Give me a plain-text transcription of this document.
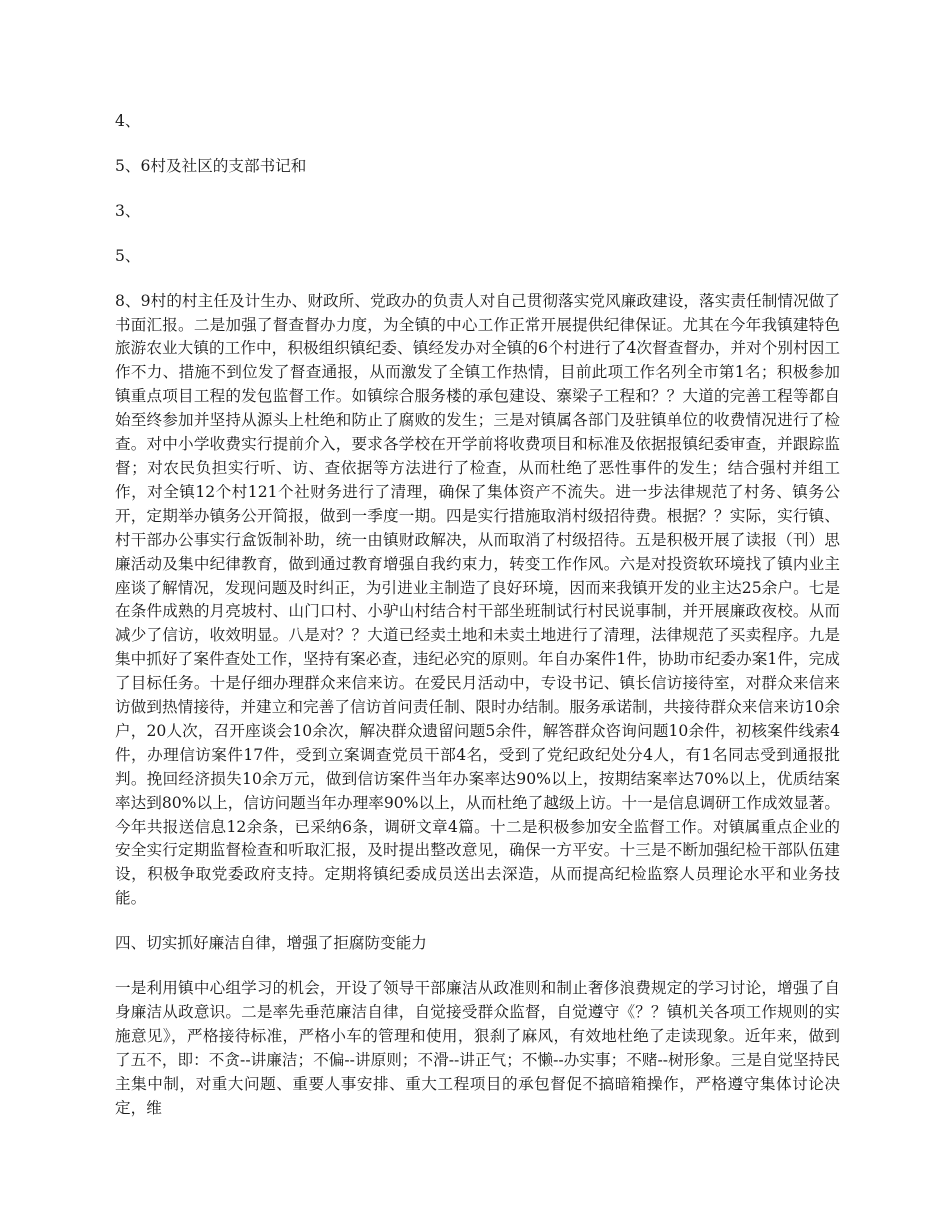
4、

5、6村及社区的支部书记和

3、

5、

8、9村的村主任及计生办、财政所、党政办的负责人对自己贯彻落实党风廉政建设，落实责任制情况做了书面汇报。二是加强了督查督办力度，为全镇的中心工作正常开展提供纪律保证。尤其在今年我镇建特色旅游农业大镇的工作中，积极组织镇纪委、镇经发办对全镇的6个村进行了4次督查督办，并对个别村因工作不力、措施不到位发了督查通报，从而激发了全镇工作热情，目前此项工作名列全市第1名；积极参加镇重点项目工程的发包监督工作。如镇综合服务楼的承包建设、寨梁子工程和？？大道的完善工程等都自始至终参加并坚持从源头上杜绝和防止了腐败的发生；三是对镇属各部门及驻镇单位的收费情况进行了检查。对中小学收费实行提前介入，要求各学校在开学前将收费项目和标准及依据报镇纪委审查，并跟踪监督；对农民负担实行听、访、查依据等方法进行了检查，从而杜绝了恶性事件的发生；结合强村并组工作，对全镇12个村121个社财务进行了清理，确保了集体资产不流失。进一步法律规范了村务、镇务公开，定期举办镇务公开简报，做到一季度一期。四是实行措施取消村级招待费。根据？？实际，实行镇、村干部办公事实行盒饭制补助，统一由镇财政解决，从而取消了村级招待。五是积极开展了读报（刊）思廉活动及集中纪律教育，做到通过教育增强自我约束力，转变工作作风。六是对投资软环境找了镇内业主座谈了解情况，发现问题及时纠正，为引进业主制造了良好环境，因而来我镇开发的业主达25余户。七是在条件成熟的月亮坡村、山门口村、小驴山村结合村干部坐班制试行村民说事制，并开展廉政夜校。从而减少了信访，收效明显。八是对？？大道已经卖土地和未卖土地进行了清理，法律规范了买卖程序。九是集中抓好了案件查处工作，坚持有案必查，违纪必究的原则。年自办案件1件，协助市纪委办案1件，完成了目标任务。十是仔细办理群众来信来访。在爱民月活动中，专设书记、镇长信访接待室，对群众来信来访做到热情接待，并建立和完善了信访首问责任制、限时办结制。服务承诺制，共接待群众来信来访10余户，20人次，召开座谈会10余次，解决群众遗留问题5余件，解答群众咨询问题10余件，初核案件线索4件，办理信访案件17件，受到立案调查党员干部4名，受到了党纪政纪处分4人，有1名同志受到通报批判。挽回经济损失10余万元，做到信访案件当年办案率达90%以上，按期结案率达70%以上，优质结案率达到80%以上，信访问题当年办理率90%以上，从而杜绝了越级上访。十一是信息调研工作成效显著。今年共报送信息12余条，已采纳6条，调研文章4篇。十二是积极参加安全监督工作。对镇属重点企业的安全实行定期监督检查和听取汇报，及时提出整改意见，确保一方平安。十三是不断加强纪检干部队伍建设，积极争取党委政府支持。定期将镇纪委成员送出去深造，从而提高纪检监察人员理论水平和业务技能。

四、切实抓好廉洁自律，增强了拒腐防变能力

一是利用镇中心组学习的机会，开设了领导干部廉洁从政准则和制止奢侈浪费规定的学习讨论，增强了自身廉洁从政意识。二是率先垂范廉洁自律，自觉接受群众监督，自觉遵守《？？镇机关各项工作规则的实施意见》，严格接待标准，严格小车的管理和使用，狠刹了麻风，有效地杜绝了走读现象。近年来，做到了五不，即：不贪--讲廉洁；不偏--讲原则；不滑--讲正气；不懒--办实事；不赌--树形象。三是自觉坚持民主集中制，对重大问题、重要人事安排、重大工程项目的承包督促不搞暗箱操作，严格遵守集体讨论决定，维
